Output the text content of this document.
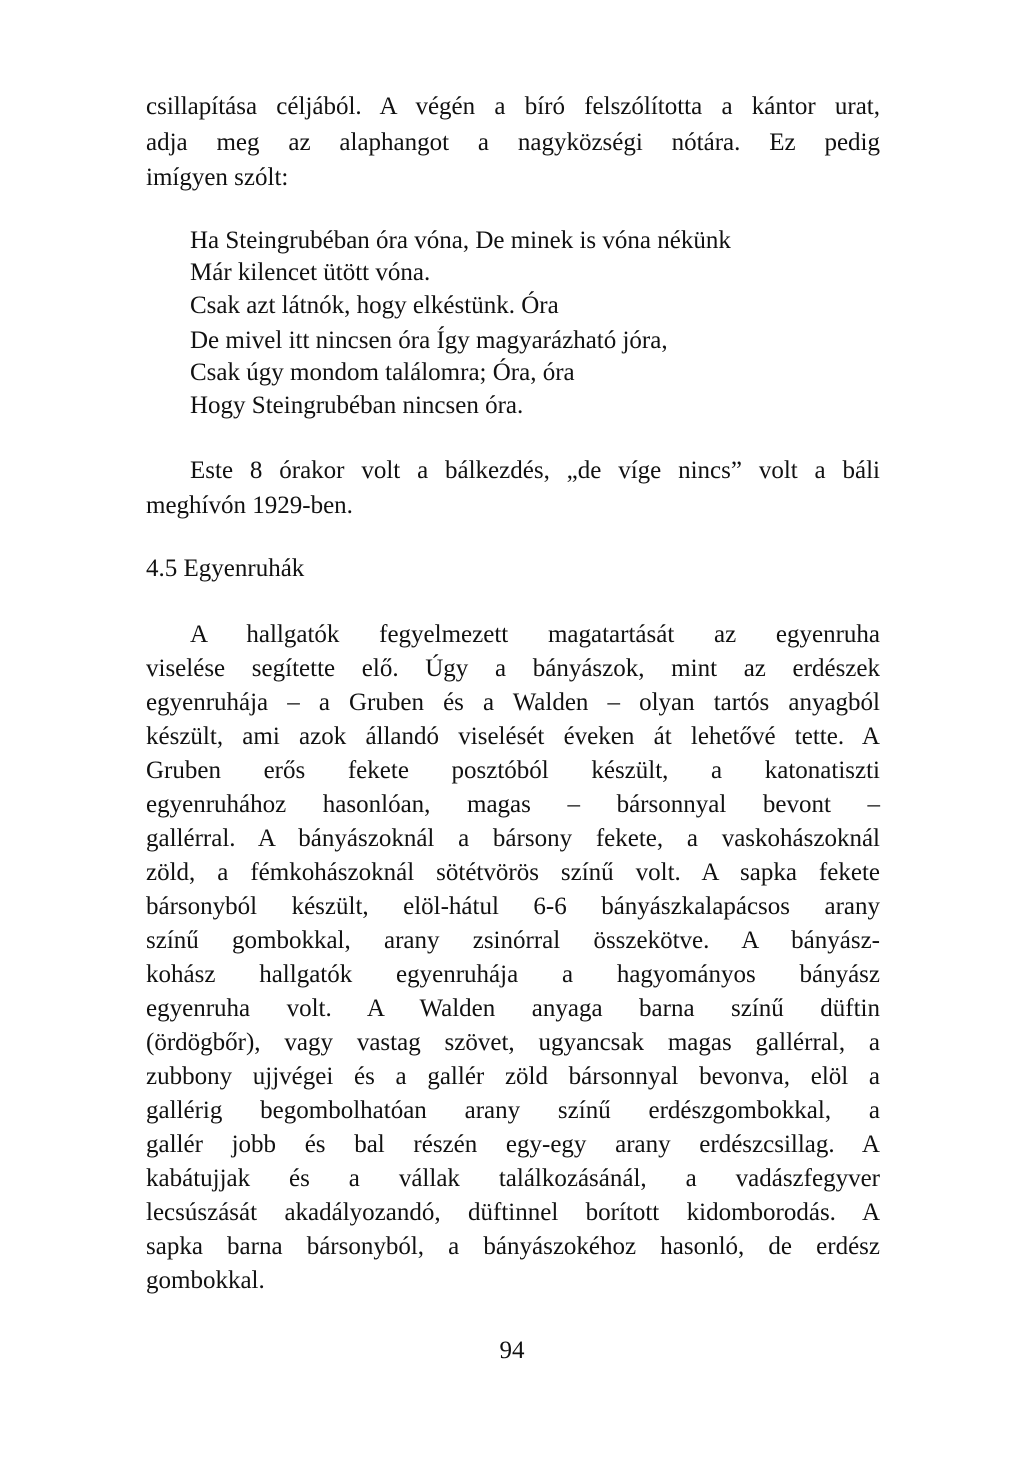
csillapítása céljából. A végén a bíró felszólította a kántor urat,
adja meg az alaphangot a nagyközségi nótára. Ez pedig
imígyen szólt:
Ha Steingrubéban óra vóna, De minek is vóna nékünk
Már kilencet ütött vóna.
Csak azt látnók, hogy elkéstünk. Óra
De mivel itt nincsen óra Így magyarázható jóra,
Csak úgy mondom találomra; Óra, óra
Hogy Steingrubéban nincsen óra.
Este 8 órakor volt a bálkezdés, „de víge nincs” volt a báli
meghívón 1929-ben.
4.5 Egyenruhák
A hallgatók fegyelmezett magatartását az egyenruha
viselése segítette elő. Úgy a bányászok, mint az erdészek
egyenruhája – a Gruben és a Walden – olyan tartós anyagból
készült, ami azok állandó viselését éveken át lehetővé tette. A
Gruben erős fekete posztóból készült, a katonatiszti
egyenruhához hasonlóan, magas – bársonnyal bevont –
gallérral. A bányászoknál a bársony fekete, a vaskohászoknál
zöld, a fémkohászoknál sötétvörös színű volt. A sapka fekete
bársonyból készült, elöl-hátul 6-6 bányászkalapácsos arany
színű gombokkal, arany zsinórral összekötve. A bányász-
kohász hallgatók egyenruhája a hagyományos bányász
egyenruha volt. A Walden anyaga barna színű düftin
(ördögbőr), vagy vastag szövet, ugyancsak magas gallérral, a
zubbony ujjvégei és a gallér zöld bársonnyal bevonva, elöl a
gallérig begombolhatóan arany színű erdészgombokkal, a
gallér jobb és bal részén egy-egy arany erdészcsillag. A
kabátujjak és a vállak találkozásánál, a vadászfegyver
lecsúszását akadályozandó, düftinnel borított kidomborodás. A
sapka barna bársonyból, a bányászokéhoz hasonló, de erdész
gombokkal.
94
